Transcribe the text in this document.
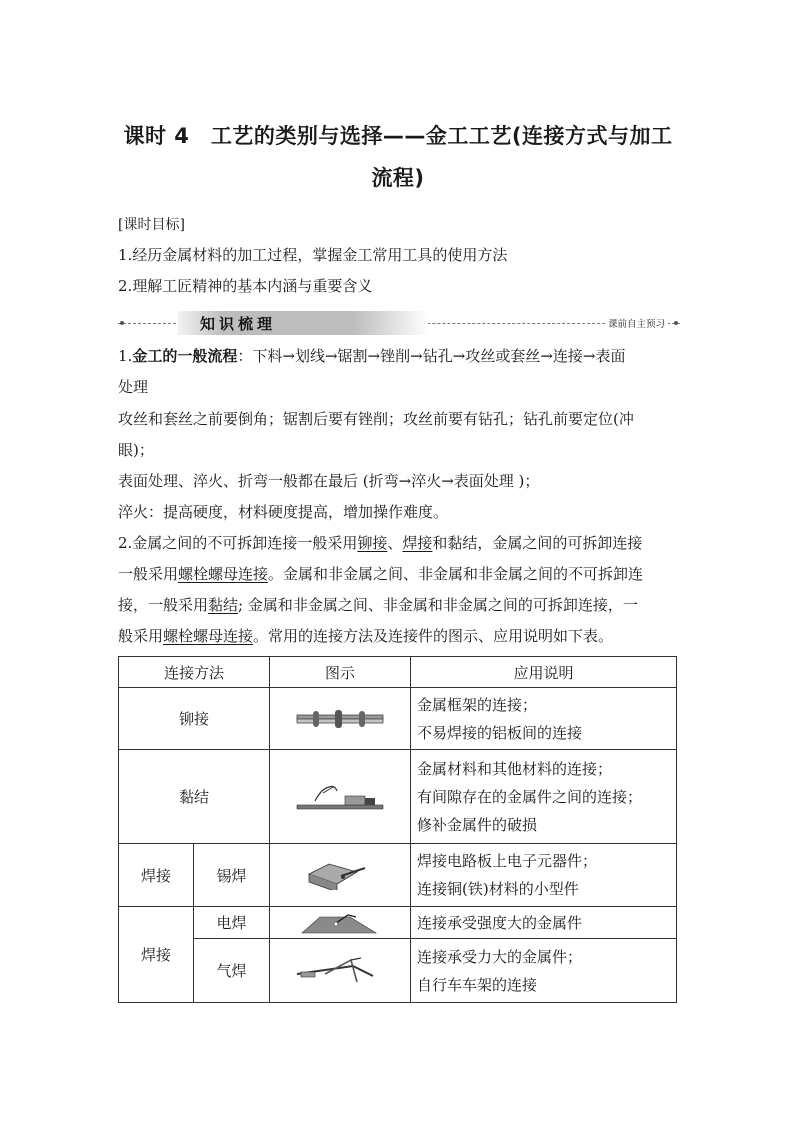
课时 4　工艺的类别与选择——金工工艺(连接方式与加工
流程)
[课时目标]
1.经历金属材料的加工过程，掌握金工常用工具的使用方法
2.理解工匠精神的基本内涵与重要含义
知识梳理	课前自主预习
1.金工的一般流程：下料→划线→锯割→锉削→钻孔→攻丝或套丝→连接→表面
处理
攻丝和套丝之前要倒角；锯割后要有锉削；攻丝前要有钻孔；钻孔前要定位(冲
眼)；
表面处理、淬火、折弯一般都在最后 (折弯→淬火→表面处理 )；
淬火：提高硬度，材料硬度提高，增加操作难度。
2.金属之间的不可拆卸连接一般采用铆接、焊接和黏结，金属之间的可拆卸连接
一般采用螺栓螺母连接。金属和非金属之间、非金属和非金属之间的不可拆卸连
接，一般采用黏结; 金属和非金属之间、非金属和非金属之间的可拆卸连接，一
般采用螺栓螺母连接。常用的连接方法及连接件的图示、应用说明如下表。
连接方法		图示	应用说明
铆接			金属框架的连接；
不易焊接的铝板间的连接

黏结			金属材料和其他材料的连接；
有间隙存在的金属件之间的连接；
修补金属件的破损

焊接	锡焊		焊接电路板上电子元器件；
连接铜(铁)材料的小型件

焊接	电焊		连接承受强度大的金属件

	气焊		连接承受力大的金属件；
自行车车架的连接
